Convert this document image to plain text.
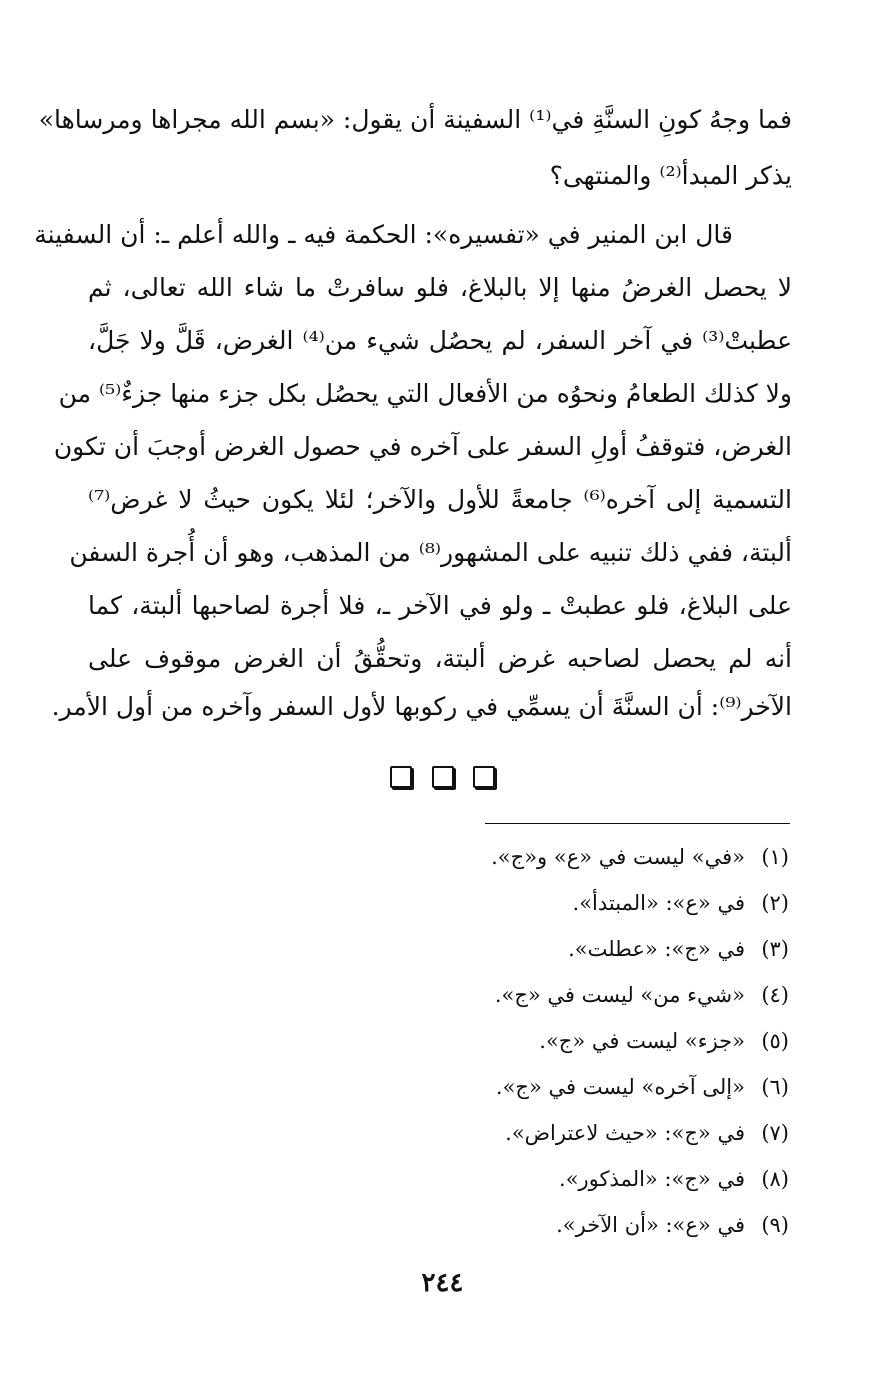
فما وجهُ كونِ السنَّةِ في⁽¹⁾ السفينة أن يقول: «بسم الله مجراها ومرساها»
يذكر المبدأ⁽²⁾ والمنتهى؟
قال ابن المنير في «تفسيره»: الحكمة فيه ـ والله أعلم ـ: أن السفينة
لا يحصل الغرضُ منها إلا بالبلاغ، فلو سافرتْ ما شاء الله تعالى، ثم
عطبتْ⁽³⁾ في آخر السفر، لم يحصُل شيء من⁽⁴⁾ الغرض، قَلَّ ولا جَلَّ،
ولا كذلك الطعامُ ونحوُه من الأفعال التي يحصُل بكل جزء منها جزءٌ⁽⁵⁾ من
الغرض، فتوقفُ أولِ السفر على آخره في حصول الغرض أوجبَ أن تكون
التسمية إلى آخره⁽⁶⁾ جامعةً للأول والآخر؛ لئلا يكون حيثُ لا غرض⁽⁷⁾
ألبتة، ففي ذلك تنبيه على المشهور⁽⁸⁾ من المذهب، وهو أن أُجرة السفن
على البلاغ، فلو عطبتْ ـ ولو في الآخر ـ، فلا أجرة لصاحبها ألبتة، كما
أنه لم يحصل لصاحبه غرض ألبتة، وتحقُّقُ أن الغرض موقوف على
الآخر⁽⁹⁾: أن السنَّةَ أن يسمِّي في ركوبها لأول السفر وآخره من أول الأمر.
(١)«في» ليست في «ع» و«ج».
(٢)في «ع»: «المبتدأ».
(٣)في «ج»: «عطلت».
(٤)«شيء من» ليست في «ج».
(٥)«جزء» ليست في «ج».
(٦)«إلى آخره» ليست في «ج».
(٧)في «ج»: «حيث لاعتراض».
(٨)في «ج»: «المذكور».
(٩)في «ع»: «أن الآخر».
٢٤٤
